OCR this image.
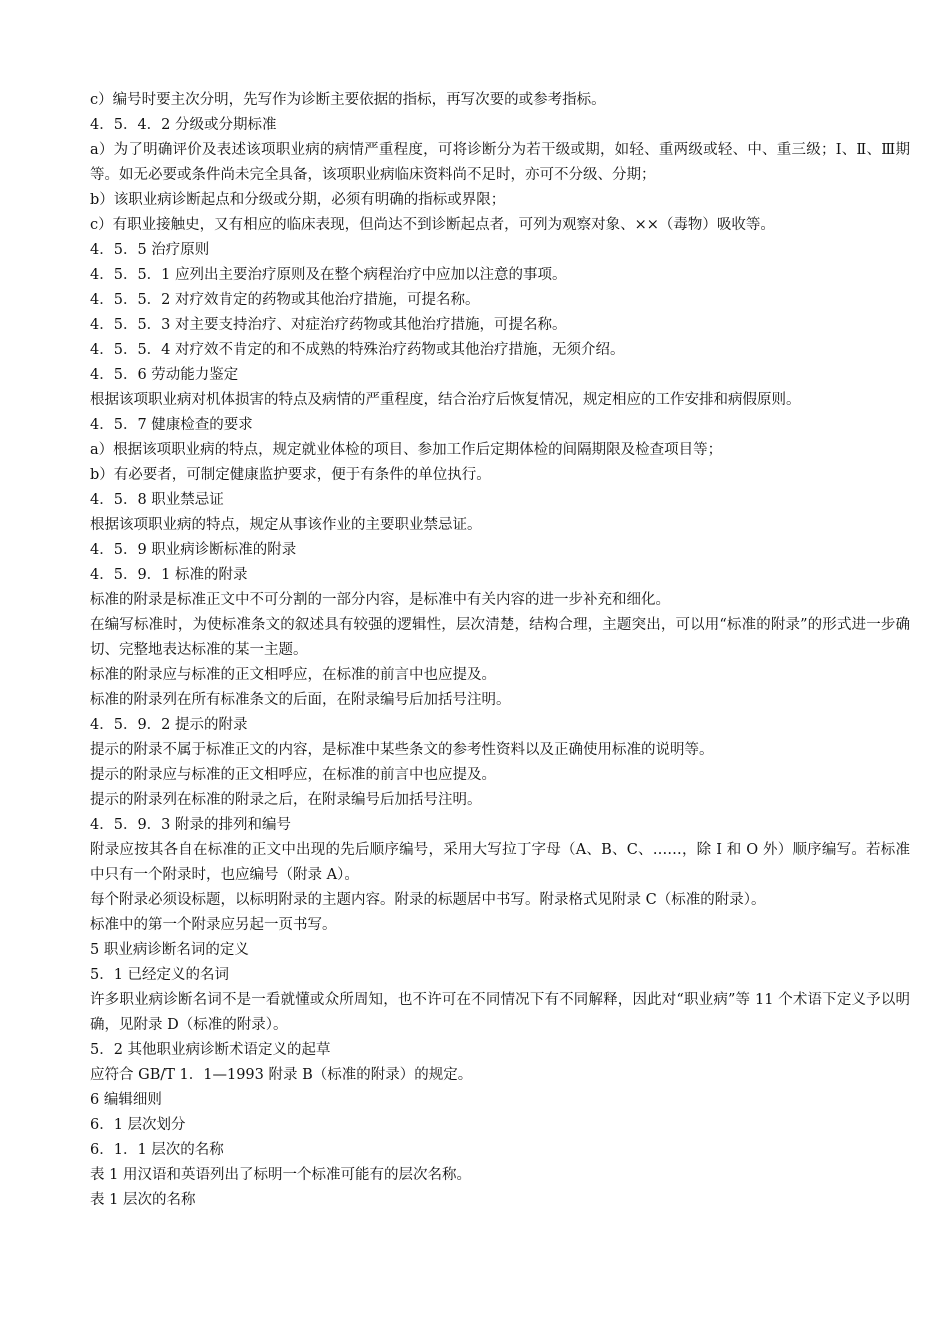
c）编号时要主次分明，先写作为诊断主要依据的指标，再写次要的或参考指标。

4．5．4．2 分级或分期标准

a）为了明确评价及表述该项职业病的病情严重程度，可将诊断分为若干级或期，如轻、重两级或轻、中、重三级；Ⅰ、Ⅱ、Ⅲ期等。如无必要或条件尚未完全具备，该项职业病临床资料尚不足时，亦可不分级、分期；

b）该职业病诊断起点和分级或分期，必须有明确的指标或界限；

c）有职业接触史，又有相应的临床表现，但尚达不到诊断起点者，可列为观察对象、××（毒物）吸收等。

4．5．5 治疗原则

4．5．5．1 应列出主要治疗原则及在整个病程治疗中应加以注意的事项。

4．5．5．2 对疗效肯定的药物或其他治疗措施，可提名称。

4．5．5．3 对主要支持治疗、对症治疗药物或其他治疗措施，可提名称。

4．5．5．4 对疗效不肯定的和不成熟的特殊治疗药物或其他治疗措施，无须介绍。

4．5．6 劳动能力鉴定

根据该项职业病对机体损害的特点及病情的严重程度，结合治疗后恢复情况，规定相应的工作安排和病假原则。

4．5．7 健康检查的要求

a）根据该项职业病的特点，规定就业体检的项目、参加工作后定期体检的间隔期限及检查项目等；

b）有必要者，可制定健康监护要求，便于有条件的单位执行。

4．5．8 职业禁忌证

根据该项职业病的特点，规定从事该作业的主要职业禁忌证。

4．5．9 职业病诊断标准的附录

4．5．9．1 标准的附录

标准的附录是标准正文中不可分割的一部分内容，是标准中有关内容的进一步补充和细化。

在编写标准时，为使标准条文的叙述具有较强的逻辑性，层次清楚，结构合理，主题突出，可以用“标准的附录”的形式进一步确切、完整地表达标准的某一主题。

标准的附录应与标准的正文相呼应，在标准的前言中也应提及。

标准的附录列在所有标准条文的后面，在附录编号后加括号注明。

4．5．9．2 提示的附录

提示的附录不属于标准正文的内容，是标准中某些条文的参考性资料以及正确使用标准的说明等。

提示的附录应与标准的正文相呼应，在标准的前言中也应提及。

提示的附录列在标准的附录之后，在附录编号后加括号注明。

4．5．9．3 附录的排列和编号

附录应按其各自在标准的正文中出现的先后顺序编号，采用大写拉丁字母（A、B、C、……，除 I 和 O 外）顺序编写。若标准中只有一个附录时，也应编号（附录 A）。

每个附录必须设标题，以标明附录的主题内容。附录的标题居中书写。附录格式见附录 C（标准的附录）。

标准中的第一个附录应另起一页书写。

5 职业病诊断名词的定义

5．1 已经定义的名词

许多职业病诊断名词不是一看就懂或众所周知，也不许可在不同情况下有不同解释，因此对“职业病”等 11 个术语下定义予以明确，见附录 D（标准的附录）。

5．2 其他职业病诊断术语定义的起草

应符合 GB/T 1．1—1993 附录 B（标准的附录）的规定。

6 编辑细则

6．1 层次划分

6．1．1 层次的名称

表 1 用汉语和英语列出了标明一个标准可能有的层次名称。

表 1 层次的名称
